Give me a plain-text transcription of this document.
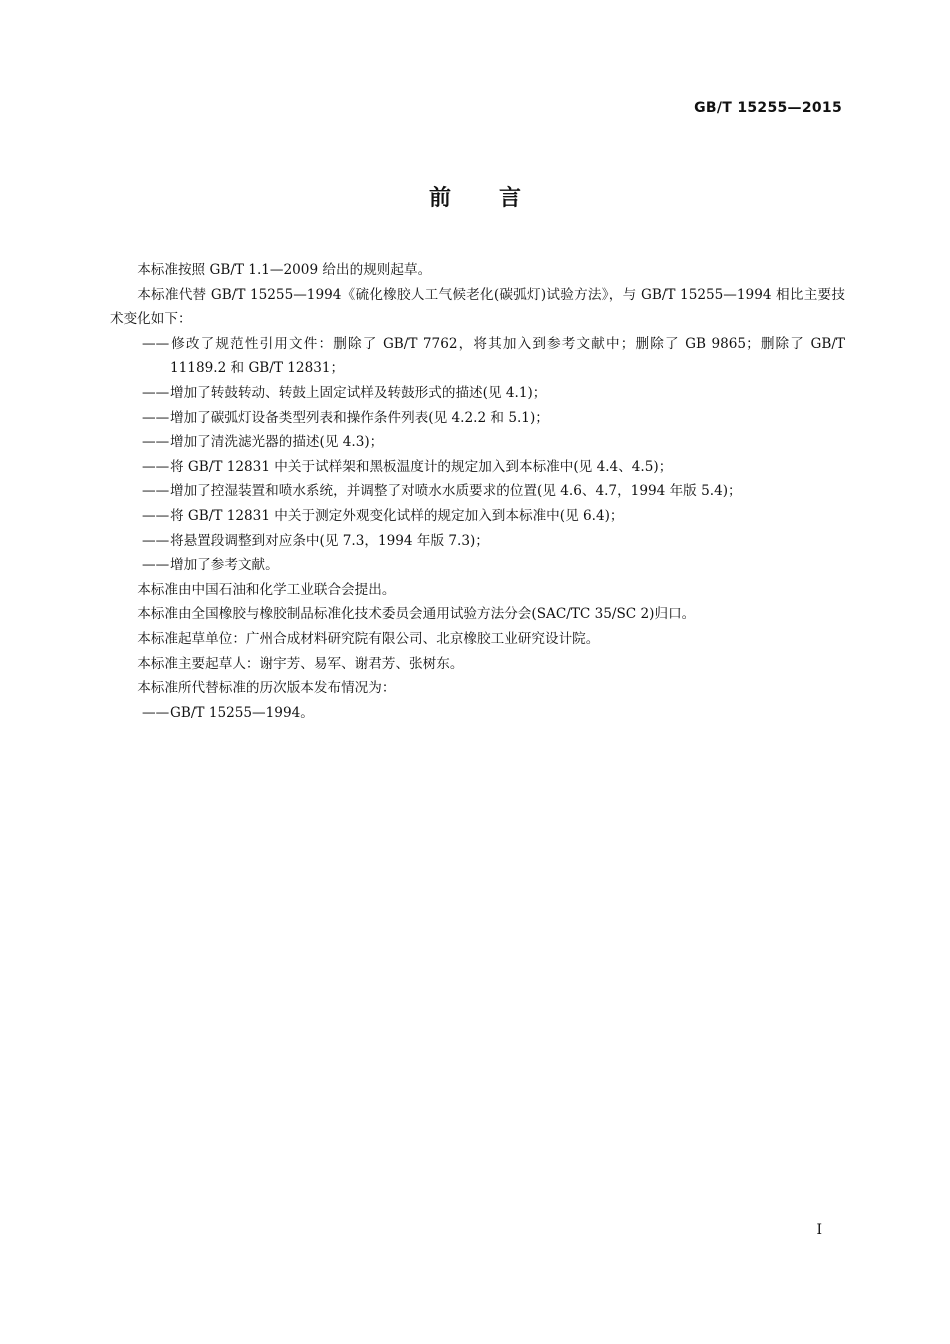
GB/T 15255—2015
前言

本标准按照 GB/T 1.1—2009 给出的规则起草。

本标准代替 GB/T 15255—1994《硫化橡胶人工气候老化(碳弧灯)试验方法》，与 GB/T 15255—1994 相比主要技术变化如下：

——修改了规范性引用文件：删除了 GB/T 7762，将其加入到参考文献中；删除了 GB 9865；删除了 GB/T 11189.2 和 GB/T 12831；

——增加了转鼓转动、转鼓上固定试样及转鼓形式的描述(见 4.1)；

——增加了碳弧灯设备类型列表和操作条件列表(见 4.2.2 和 5.1)；

——增加了清洗滤光器的描述(见 4.3)；

——将 GB/T 12831 中关于试样架和黑板温度计的规定加入到本标准中(见 4.4、4.5)；

——增加了控湿装置和喷水系统，并调整了对喷水水质要求的位置(见 4.6、4.7，1994 年版 5.4)；

——将 GB/T 12831 中关于测定外观变化试样的规定加入到本标准中(见 6.4)；

——将悬置段调整到对应条中(见 7.3，1994 年版 7.3)；

——增加了参考文献。

本标准由中国石油和化学工业联合会提出。

本标准由全国橡胶与橡胶制品标准化技术委员会通用试验方法分会(SAC/TC 35/SC 2)归口。

本标准起草单位：广州合成材料研究院有限公司、北京橡胶工业研究设计院。

本标准主要起草人：谢宇芳、易军、谢君芳、张树东。

本标准所代替标准的历次版本发布情况为：

——GB/T 15255—1994。

I
